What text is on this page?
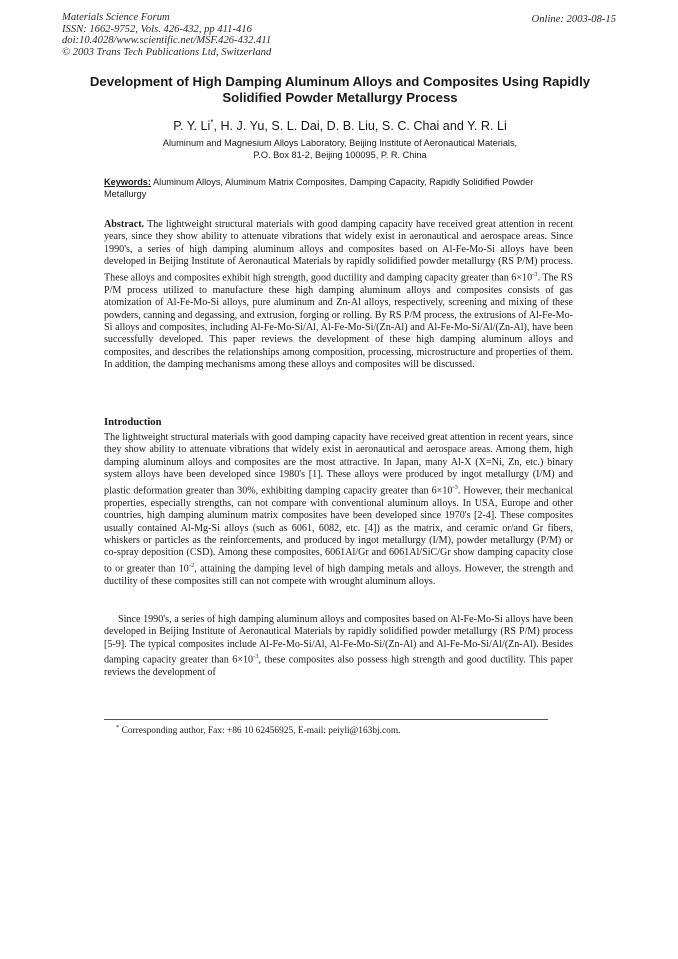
Materials Science Forum
ISSN: 1662-9752, Vols. 426-432, pp 411-416
doi:10.4028/www.scientific.net/MSF.426-432.411
© 2003 Trans Tech Publications Ltd, Switzerland
Online: 2003-08-15
Development of High Damping Aluminum Alloys and Composites Using Rapidly Solidified Powder Metallurgy Process
P. Y. Li*, H. J. Yu, S. L. Dai, D. B. Liu, S. C. Chai and Y. R. Li
Aluminum and Magnesium Alloys Laboratory, Beijing Institute of Aeronautical Materials,
P.O. Box 81-2, Beijing 100095, P. R. China
Keywords: Aluminum Alloys, Aluminum Matrix Composites, Damping Capacity, Rapidly Solidified Powder Metallurgy
Abstract. The lightweight structural materials with good damping capacity have received great attention in recent years, since they show ability to attenuate vibrations that widely exist in aeronautical and aerospace areas. Since 1990's, a series of high damping aluminum alloys and composites based on Al-Fe-Mo-Si alloys have been developed in Beijing Institute of Aeronautical Materials by rapidly solidified powder metallurgy (RS P/M) process. These alloys and composites exhibit high strength, good ductility and damping capacity greater than $6\times 10^{-3}$. The RS P/M process utilized to manufacture these high damping aluminum alloys and composites consists of gas atomization of Al-Fe-Mo-Si alloys, pure aluminum and Zn-Al alloys, respectively, screening and mixing of these powders, canning and degassing, and extrusion, forging or rolling. By RS P/M process, the extrusions of Al-Fe-Mo-Si alloys and composites, including Al-Fe-Mo-Si/Al, Al-Fe-Mo-Si/(Zn-Al) and Al-Fe-Mo-Si/Al/(Zn-Al), have been successfully developed. This paper reviews the development of these high damping aluminum alloys and composites, and describes the relationships among composition, processing, microstructure and properties of them. In addition, the damping mechanisms among these alloys and composites will be discussed.
Introduction
The lightweight structural materials with good damping capacity have received great attention in recent years, since they show ability to attenuate vibrations that widely exist in aeronautical and aerospace areas. Among them, high damping aluminum alloys and composites are the most attractive. In Japan, many Al-X (X=Ni, Zn, etc.) binary system alloys have been developed since 1980's [1]. These alloys were produced by ingot metallurgy (I/M) and plastic deformation greater than 30%, exhibiting damping capacity greater than $6\times 10^{-3}$. However, their mechanical properties, especially strengths, can not compare with conventional aluminum alloys. In USA, Europe and other countries, high damping aluminum matrix composites have been developed since 1970's [2-4]. These composites usually contained Al-Mg-Si alloys (such as 6061, 6082, etc. [4]) as the matrix, and ceramic or/and Gr fibers, whiskers or particles as the reinforcements, and produced by ingot metallurgy (I/M), powder metallurgy (P/M) or co-spray deposition (CSD). Among these composites, 6061Al/Gr and 6061Al/SiC/Gr show damping capacity close to or greater than $10^{-2}$, attaining the damping level of high damping metals and alloys. However, the strength and ductility of these composites still can not compete with wrought aluminum alloys.
Since 1990's, a series of high damping aluminum alloys and composites based on Al-Fe-Mo-Si alloys have been developed in Beijing Institute of Aeronautical Materials by rapidly solidified powder metallurgy (RS P/M) process [5-9]. The typical composites include Al-Fe-Mo-Si/Al, Al-Fe-Mo-Si/(Zn-Al) and Al-Fe-Mo-Si/Al/(Zn-Al). Besides damping capacity greater than $6\times 10^{-3}$, these composites also possess high strength and good ductility. This paper reviews the development of
* Corresponding author, Fax: +86 10 62456925, E-mail: peiyli@163bj.com.
